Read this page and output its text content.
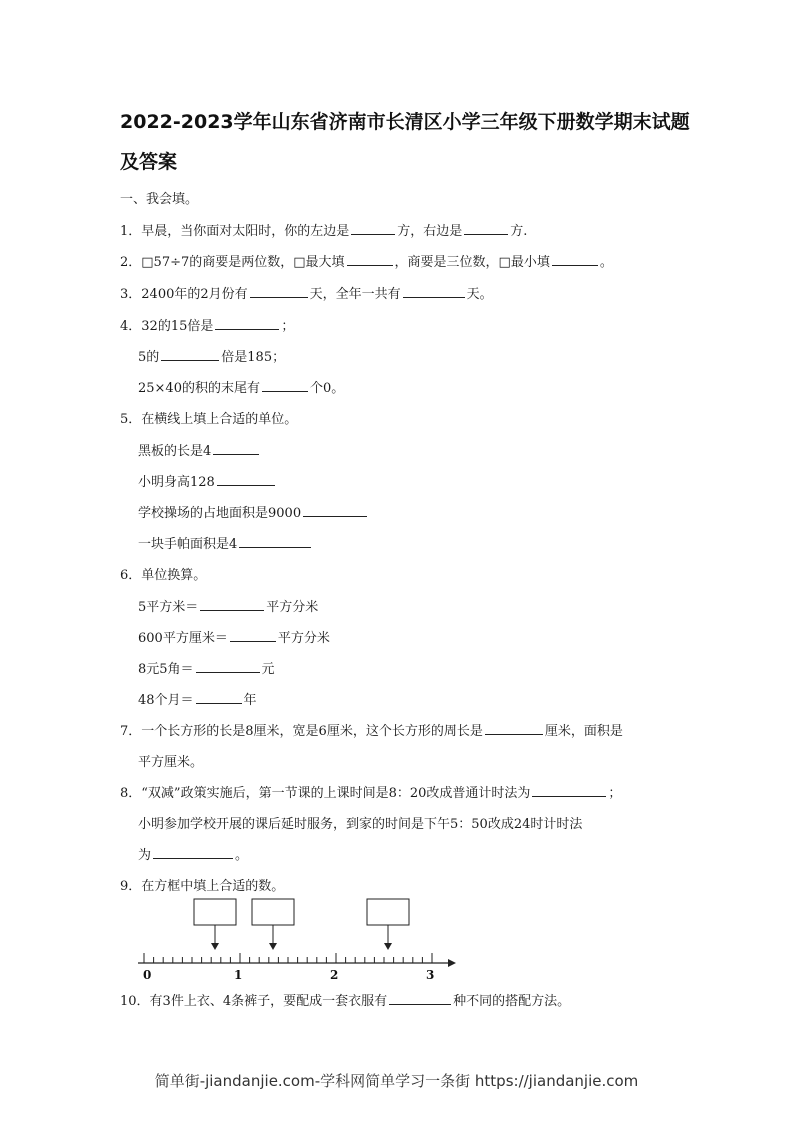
2022-2023学年山东省济南市长清区小学三年级下册数学期末试题及答案
一、我会填。
1．早晨，当你面对太阳时，你的左边是	方，右边是	方.
2．□57÷7的商要是两位数，□最大填	，商要是三位数，□最小填	。
3．2400年的2月份有	天，全年一共有	天。
4．32的15倍是	；
5的	倍是185；
25×40的积的末尾有	个0。
5．在横线上填上合适的单位。
黑板的长是4
小明身高128
学校操场的占地面积是9000
一块手帕面积是4
6．单位换算。
5平方米＝	平方分米
600平方厘米＝	平方分米
8元5角＝	元
48个月＝	年
7．一个长方形的长是8厘米，宽是6厘米，这个长方形的周长是	厘米，面积是
平方厘米。
8．“双减”政策实施后，第一节课的上课时间是8：20改成普通计时法为	；
小明参加学校开展的课后延时服务，到家的时间是下午5：50改成24时计时法
为	。
9．在方框中填上合适的数。
0	1	2	3
10．有3件上衣、4条裤子，要配成一套衣服有	种不同的搭配方法。
简单街-jiandanjie.com-学科网简单学习一条街 https://jiandanjie.com
